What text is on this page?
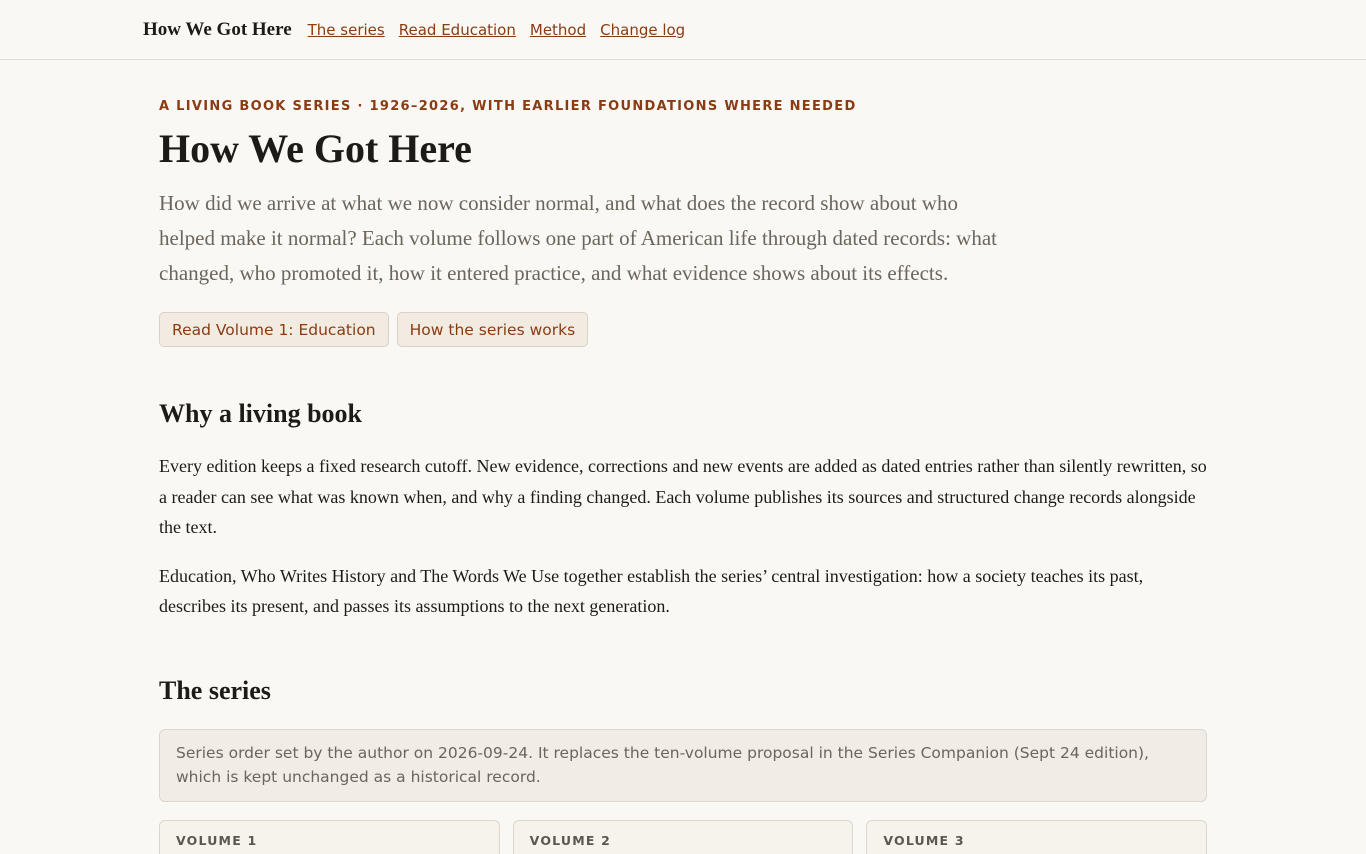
How We Got Here The series Read Education Method Change log
A LIVING BOOK SERIES · 1926–2026, WITH EARLIER FOUNDATIONS WHERE NEEDED
How We Got Here

How did we arrive at what we now consider normal, and what does the record show about who helped make it normal? Each volume follows one part of American life through dated records: what changed, who promoted it, how it entered practice, and what evidence shows about its effects.

Read Volume 1: Education	How the series works
Why a living book

Every edition keeps a fixed research cutoff. New evidence, corrections and new events are added as dated entries rather than silently rewritten, so a reader can see what was known when, and why a finding changed. Each volume publishes its sources and structured change records alongside the text.

Education, Who Writes History and The Words We Use together establish the series’ central investigation: how a society teaches its past, describes its present, and passes its assumptions to the next generation.

The series
Series order set by the author on 2026-09-24. It replaces the ten-volume proposal in the Series Companion (Sept 24 edition), which is kept unchanged as a historical record.
VOLUME 1	VOLUME 2	VOLUME 3
